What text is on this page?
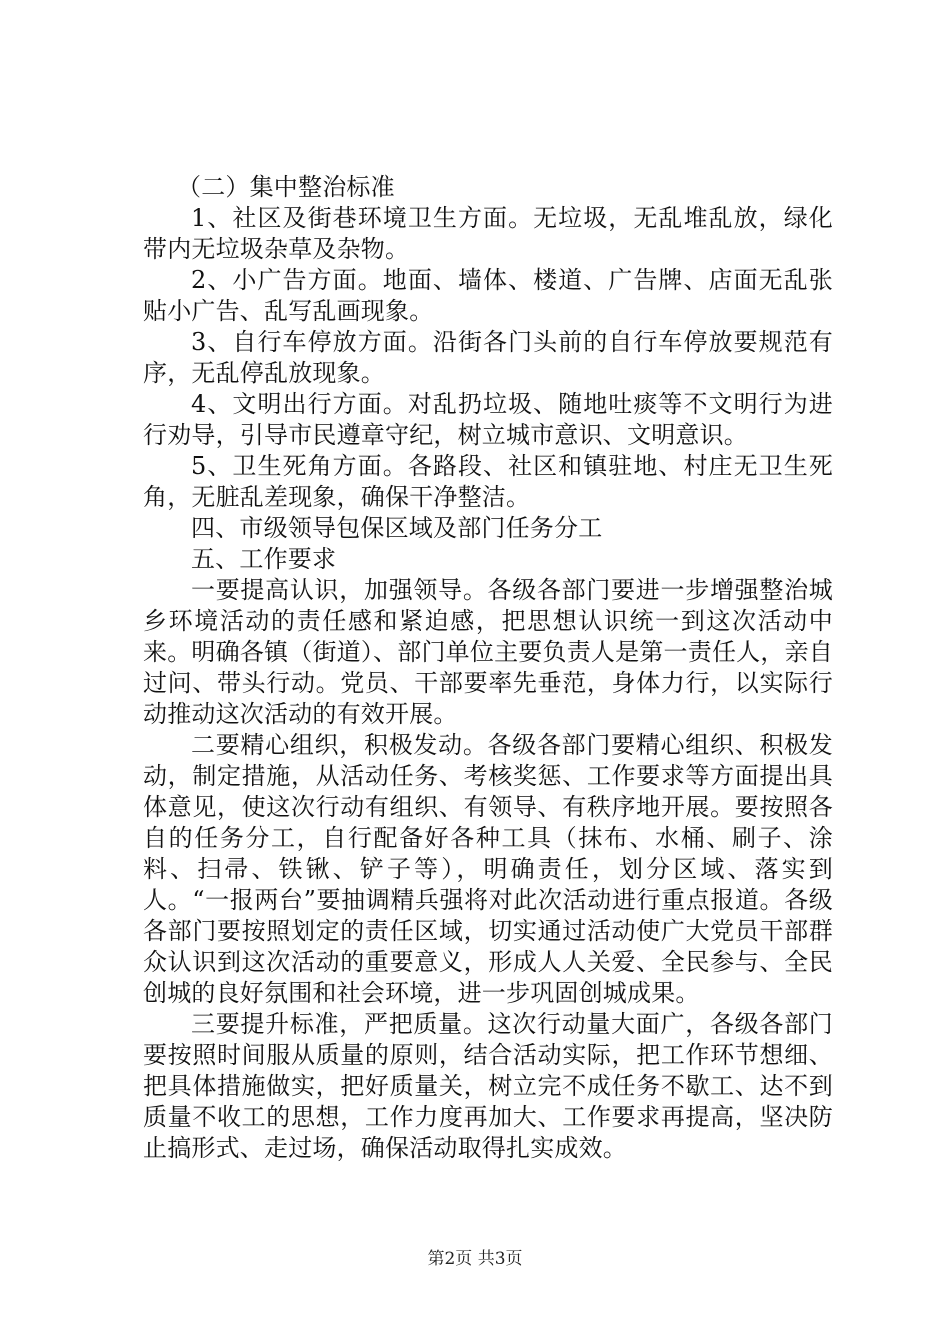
（二）集中整治标准

1、社区及街巷环境卫生方面。无垃圾，无乱堆乱放，绿化带内无垃圾杂草及杂物。

2、小广告方面。地面、墙体、楼道、广告牌、店面无乱张贴小广告、乱写乱画现象。

3、自行车停放方面。沿街各门头前的自行车停放要规范有序，无乱停乱放现象。

4、文明出行方面。对乱扔垃圾、随地吐痰等不文明行为进行劝导，引导市民遵章守纪，树立城市意识、文明意识。

5、卫生死角方面。各路段、社区和镇驻地、村庄无卫生死角，无脏乱差现象，确保干净整洁。

四、市级领导包保区域及部门任务分工

五、工作要求

一要提高认识，加强领导。各级各部门要进一步增强整治城乡环境活动的责任感和紧迫感，把思想认识统一到这次活动中来。明确各镇（街道）、部门单位主要负责人是第一责任人，亲自过问、带头行动。党员、干部要率先垂范，身体力行，以实际行动推动这次活动的有效开展。

二要精心组织，积极发动。各级各部门要精心组织、积极发动，制定措施，从活动任务、考核奖惩、工作要求等方面提出具体意见，使这次行动有组织、有领导、有秩序地开展。要按照各自的任务分工，自行配备好各种工具（抹布、水桶、刷子、涂料、扫帚、铁锹、铲子等），明确责任，划分区域、落实到人。“一报两台”要抽调精兵强将对此次活动进行重点报道。各级各部门要按照划定的责任区域，切实通过活动使广大党员干部群众认识到这次活动的重要意义，形成人人关爱、全民参与、全民创城的良好氛围和社会环境，进一步巩固创城成果。

三要提升标准，严把质量。这次行动量大面广，各级各部门要按照时间服从质量的原则，结合活动实际，把工作环节想细、把具体措施做实，把好质量关，树立完不成任务不歇工、达不到质量不收工的思想，工作力度再加大、工作要求再提高，坚决防止搞形式、走过场，确保活动取得扎实成效。

第2页 共3页
